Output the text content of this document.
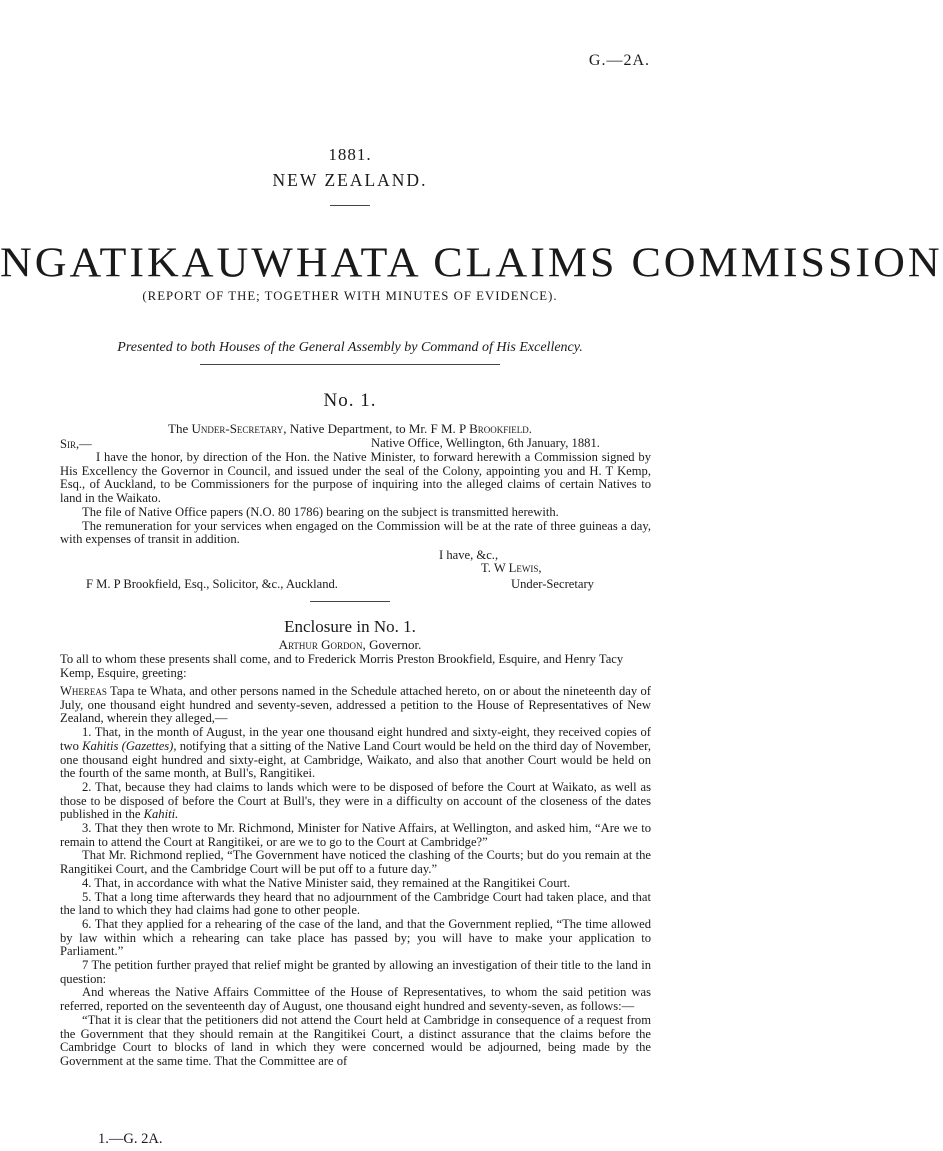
G.—2A.
1881.
NEW ZEALAND.
NGATIKAUWHATA CLAIMS COMMISSION
(REPORT OF THE; TOGETHER WITH MINUTES OF EVIDENCE).
Presented to both Houses of the General Assembly by Command of His Excellency.
No. 1.
The Under-Secretary, Native Department, to Mr. F M. P Brookfield.
Sir,—	Native Office, Wellington, 6th January, 1881.

I have the honor, by direction of the Hon. the Native Minister, to forward herewith a Commission signed by His Excellency the Governor in Council, and issued under the seal of the Colony, appointing you and H. T Kemp, Esq., of Auckland, to be Commissioners for the purpose of inquiring into the alleged claims of certain Natives to land in the Waikato.

The file of Native Office papers (N.O. 80 1786) bearing on the subject is transmitted herewith.

The remuneration for your services when engaged on the Commission will be at the rate of three guineas a day, with expenses of transit in addition.

I have, &c.,
T. W Lewis,
F M. P Brookfield, Esq., Solicitor, &c., Auckland.	Under-Secretary
Enclosure in No. 1.
Arthur Gordon, Governor.

To all to whom these presents shall come, and to Frederick Morris Preston Brookfield, Esquire, and Henry Tacy Kemp, Esquire, greeting:

Whereas Tapa te Whata, and other persons named in the Schedule attached hereto, on or about the nineteenth day of July, one thousand eight hundred and seventy-seven, addressed a petition to the House of Representatives of New Zealand, wherein they alleged,—

1. That, in the month of August, in the year one thousand eight hundred and sixty-eight, they received copies of two Kahitis (Gazettes), notifying that a sitting of the Native Land Court would be held on the third day of November, one thousand eight hundred and sixty-eight, at Cambridge, Waikato, and also that another Court would be held on the fourth of the same month, at Bull's, Rangitikei.

2. That, because they had claims to lands which were to be disposed of before the Court at Waikato, as well as those to be disposed of before the Court at Bull's, they were in a difficulty on account of the closeness of the dates published in the Kahiti.

3. That they then wrote to Mr. Richmond, Minister for Native Affairs, at Wellington, and asked him, “Are we to remain to attend the Court at Rangitikei, or are we to go to the Court at Cambridge?”

That Mr. Richmond replied, “The Government have noticed the clashing of the Courts; but do you remain at the Rangitikei Court, and the Cambridge Court will be put off to a future day.”

4. That, in accordance with what the Native Minister said, they remained at the Rangitikei Court.

5. That a long time afterwards they heard that no adjournment of the Cambridge Court had taken place, and that the land to which they had claims had gone to other people.

6. That they applied for a rehearing of the case of the land, and that the Government replied, “The time allowed by law within which a rehearing can take place has passed by; you will have to make your application to Parliament.”

7 The petition further prayed that relief might be granted by allowing an investigation of their title to the land in question:

And whereas the Native Affairs Committee of the House of Representatives, to whom the said petition was referred, reported on the seventeenth day of August, one thousand eight hundred and seventy-seven, as follows:—

“That it is clear that the petitioners did not attend the Court held at Cambridge in consequence of a request from the Government that they should remain at the Rangitikei Court, a distinct assurance that the claims before the Cambridge Court to blocks of land in which they were concerned would be adjourned, being made by the Government at the same time. That the Committee are of

1.—G. 2A.
